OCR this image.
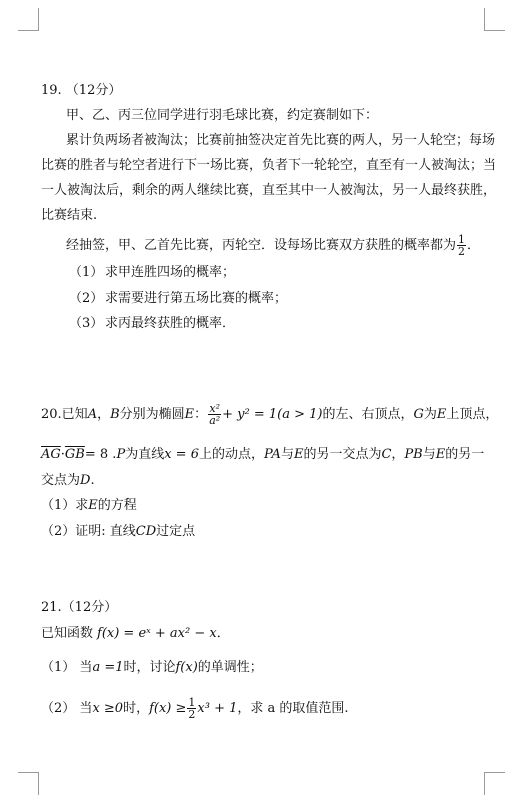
19. （12分）
甲、乙、丙三位同学进行羽毛球比赛，约定赛制如下：
累计负两场者被淘汰；比赛前抽签决定首先比赛的两人，另一人轮空；每场
比赛的胜者与轮空者进行下一场比赛，负者下一轮轮空，直至有一人被淘汰；当
一人被淘汰后，剩余的两人继续比赛，直至其中一人被淘汰，另一人最终获胜，
比赛结束.
经抽签，甲、乙首先比赛，丙轮空．设每场比赛双方获胜的概率都为 $\frac{1}{2}$ ．
（1） 求甲连胜四场的概率；
（2） 求需要进行第五场比赛的概率；
（3） 求丙最终获胜的概率．
20.已知A，B分别为椭圆E： $\frac{\text{x²}}{\text{a²}} + y^2 = 1(a > 1)$的左、右顶点，G为E上顶点，
$\overline{AG}\cdot\overline{GB}= 8$ .P为直线x = 6上的动点，PA与E的另一交点为C，PB与E的另一
交点为D.
（1）求E的方程
（2）证明: 直线CD过定点
21.（12分）
已知函数 f(x) = eˣ + ax² − x．
（1） 当a =1时，讨论f(x)的单调性；
（2） 当x ≥0时，$f(x) \ge \frac{1}{2} x^3 + 1$，求 a 的取值范围.
